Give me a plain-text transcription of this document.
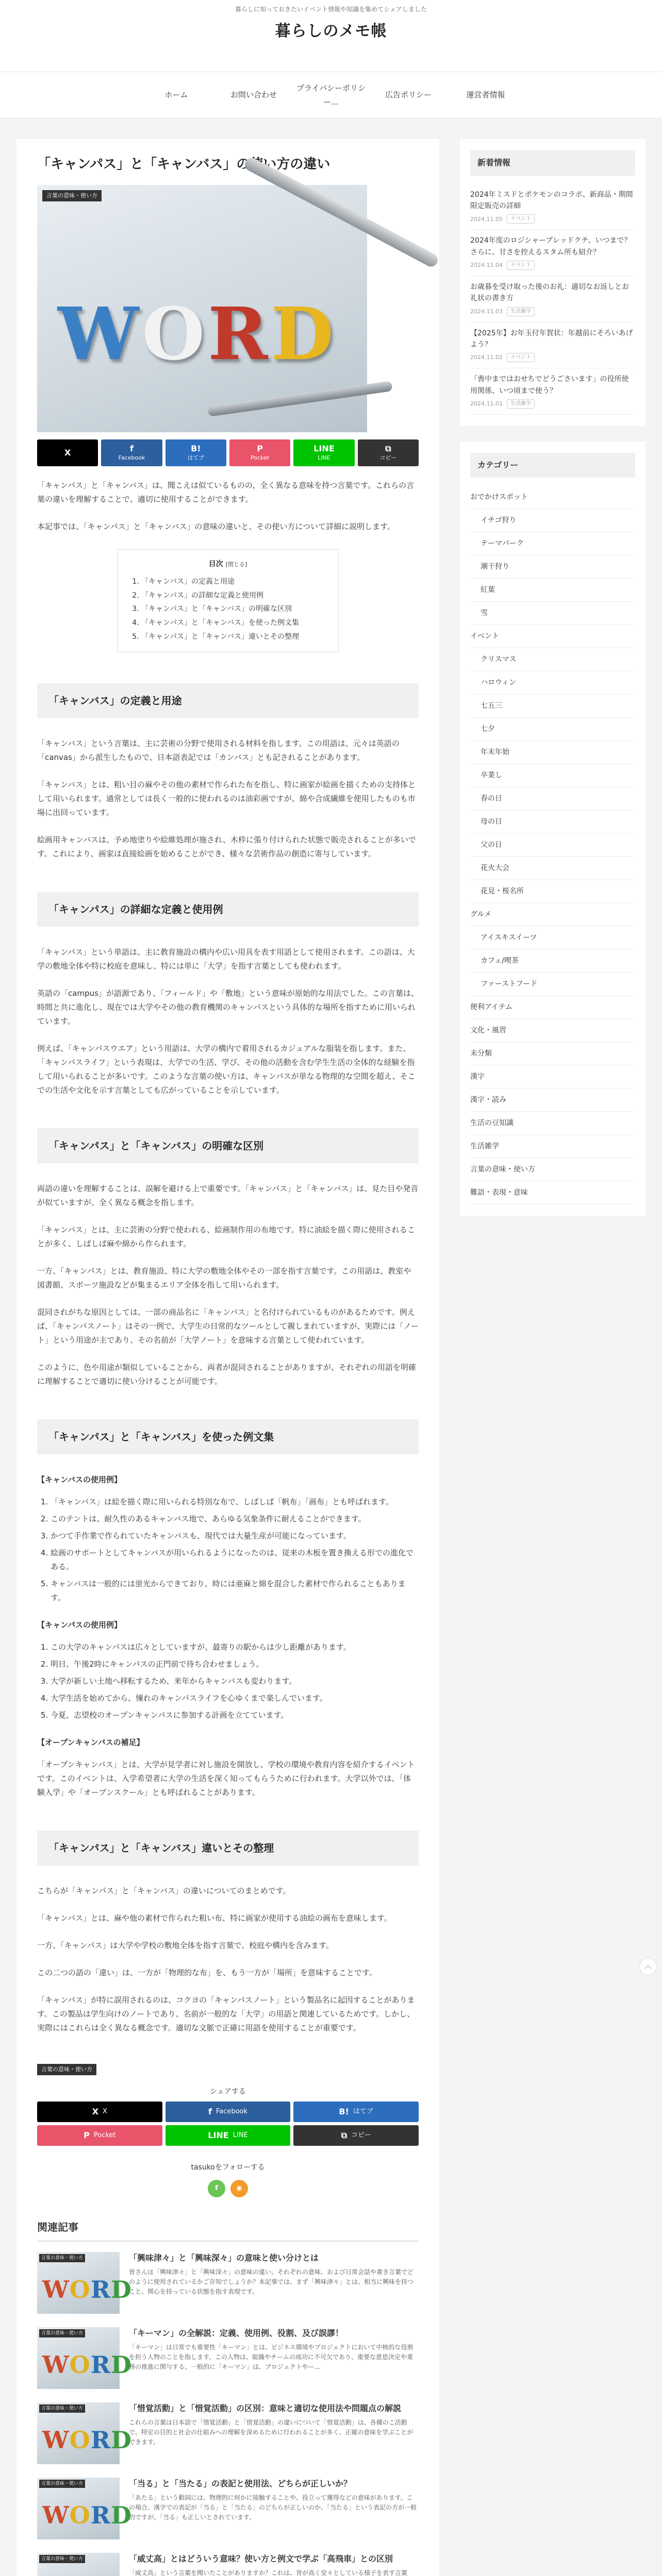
暮らしに知っておきたいイベント情報や知識を集めてシェアしました
暮らしのメモ帳
ホーム	お問い合わせ
プライバシーポリシー...
広告ポリシー	運営者情報
「キャンパス」と「キャンバス」の使い方の違い
言葉の意味・使い方
W O R D
X	f
Facebook
B!
はてブ
P
Pocket
LINE
LINE
⧉
コピー

「キャンパス」と「キャンバス」は、聞こえは似ているものの、全く異なる意味を持つ言葉です。これらの言葉の違いを理解することで、適切に使用することができます。

本記事では、「キャンパス」と「キャンバス」の意味の違いと、その使い方について詳細に説明します。

目次 [閉じる]
1. 「キャンバス」の定義と用途
2. 「キャンパス」の詳細な定義と使用例
3. 「キャンパス」と「キャンバス」の明確な区別
4. 「キャンパス」と「キャンバス」を使った例文集
5. 「キャンパス」と「キャンバス」違いとその整理
「キャンバス」の定義と用途

「キャンバス」という言葉は、主に芸術の分野で使用される材料を指します。この用語は、元々は英語の「canvas」から派生したもので、日本語表記では「カンバス」とも記されることがあります。

「キャンバス」とは、粗い目の麻やその他の素材で作られた布を指し、特に画家が絵画を描くための支持体として用いられます。通常としては長く一般的に使われるのは油彩画ですが、綿や合成繊維を使用したものも市場に出回っています。

絵画用キャンバスは、予め地塗りや絵維処理が施され、木枠に張り付けられた状態で販売されることが多いです。これにより、画家は直接絵画を始めることができ、様々な芸術作品の創造に寄与しています。

「キャンパス」の詳細な定義と使用例

「キャンパス」という単語は、主に教育施設の構内や広い用具を表す用語として使用されます。この語は、大学の敷地全体や特に校庭を意味し、特には単に「大学」を指す言葉としても使われます。

英語の「campus」が語源であり、「フィールド」や「敷地」という意味が原始的な用法でした。この言葉は、時間と共に進化し、現在では大学やその他の教育機関のキャンパスという具体的な場所を指すために用いられています。

例えば、「キャンパスウエア」という用語は、大学の構内で着用されるカジュアルな服装を指します。また、「キャンパスライフ」という表現は、大学での生活、学び、その他の活動を含む学生生活の全体的な経験を指して用いられることが多いです。このような言葉の使い方は、キャンパスが単なる物理的な空間を超え、そこでの生活や文化を示す言葉としても広がっていることを示しています。

「キャンパス」と「キャンバス」の明確な区別

両語の違いを理解することは、誤解を避ける上で重要です。「キャンパス」と「キャンバス」は、見た目や発音が似ていますが、全く異なる概念を指します。

「キャンバス」とは、主に芸術の分野で使われる、絵画制作用の布地です。特に油絵を描く際に使用されることが多く、しばしば麻や綿から作られます。

一方、「キャンパス」とは、教育施設、特に大学の敷地全体やその一部を指す言葉です。この用語は、教室や図書館、スポーツ施設などが集まるエリア全体を指して用いられます。

混同されがちな原因としては、一部の商品名に「キャンパス」と名付けられているものがあるためです。例えば、「キャンパスノート」はその一例で、大学生の日常的なツールとして親しまれていますが、実際には「ノート」という用途が主であり、その名前が「大学ノート」を意味する言葉として使われています。

このように、色や用途が類似していることから、両者が混同されることがありますが、それぞれの用語を明確に理解することで適切に使い分けることが可能です。

「キャンパス」と「キャンバス」を使った例文集
【キャンバスの使用例】
1. 「キャンバス」は絵を描く際に用いられる特別な布で、しばしば「帆布」「画布」とも呼ばれます。
2. このテントは、耐久性のあるキャンバス地で、あらゆる気象条件に耐えることができます。
3. かつて手作業で作られていたキャンバスも、現代では大量生産が可能になっています。
4. 絵画のサポートとしてキャンバスが用いられるようになったのは、従来の木板を置き換える形での進化である。
5. キャンバスは一般的には蛍光からできており、時には亜麻と綿を混合した素材で作られることもあります。
【キャンパスの使用例】
1. この大学のキャンパスは広々としていますが、最寄りの駅からは少し距離があります。
2. 明日、午後2時にキャンパスの正門前で待ち合わせましょう。
3. 大学が新しい土地へ移転するため、来年からキャンパスも変わります。
4. 大学生活を始めてから、憧れのキャンパスライフを心ゆくまで楽しんでいます。
5. 今夏、志望校のオープンキャンパスに参加する計画を立てています。
【オープンキャンパスの補足】

「オープンキャンパス」とは、大学が見学者に対し施設を開放し、学校の環境や教育内容を紹介するイベントです。このイベントは、入学希望者に大学の生活を深く知ってもらうために行われます。大学以外では、「体験入学」や「オープンスクール」とも呼ばれることがあります。

「キャンパス」と「キャンバス」違いとその整理

こちらが「キャンパス」と「キャンバス」の違いについてのまとめです。

「キャンバス」とは、麻や他の素材で作られた粗い布、特に画家が使用する油絵の画布を意味します。

一方、「キャンパス」は大学や学校の敷地全体を指す言葉で、校庭や構内を含みます。

この二つの語の「違い」は、一方が「物理的な布」を、もう一方が「場所」を意味することです。

「キャンパス」が特に誤用されるのは、コクヨの「キャンパスノート」という製品名に起因することがあります。この製品は学生向けのノートであり、名前が一般的な「大学」の用語と関連しているためです。しかし、実際にはこれらは全く異なる概念です。適切な文脈で正確に用語を使用することが重要です。

言葉の意味・使い方
シェアする
X X	f Facebook	B! はてブ
P Pocket	LINE LINE	⧉ コピー
tasukoをフォローする
f	◉
関連記事
言葉の意味・使い方
WORD
「興味津々」と「興味深々」の意味と使い分けとは
皆さんは「興味津々」と「興味深々」の意味の違い、それぞれの意味、および日常会話や書き言葉でどのように使用されているかご存知でしょうか？本記事では、まず「興味津々」とは、相当に興味を持つこと、関心を持っている状態を指す表現です。
言葉の意味・使い方
WORD
「キーマン」の全解説：定義、使用例、役割、及び誤謬！
「キーマン」は日常でも重要性「キーマン」とは、ビジネス環境やプロジェクトにおいて中核的な役割を担う人物のことを指します。この人物は、組織やチームの成功に不可欠であり、重要な意思決定や業務の推進に関与する、一般的に「キーマン」は、プロジェクトやー...
言葉の意味・使い方
WORD
「惜覚活動」と「惜覚活動」の区別：意味と適切な使用法や問題点の解説
これらの言葉は日本語で「惜覚活動」と「惜覚活動」の違いについて「惜覚活動」は、各種のこ活動で、特定の目的と社会の仕組みへの理解を深めるために行われることが多く、正確の意味を学ぶことができます。
言葉の意味・使い方
WORD
「当る」と「当たる」の表記と使用法、どちらが正しいか？
「あたる」という動詞には、物理的に何かに接触することや、役立って獲得などの意味があります。この場合、漢字での表記が「当る」と「当たる」のどちらが正しいのか、「当たる」という表記の方が一般的ですが、「当る」も正しいとされています。
言葉の意味・使い方	「威丈高」とはどういう意味？使い方と例文で学ぶ「高飛車」との区別
「威丈高」という言葉を聞いたことがありますか？これは、背が高く堂々としている様子を表す言葉
新着情報
2024年ミスドとポケモンのコラボ、新商品・期間限定販売の詳細
2024.11.05	イベント
2024年度のロジシャーブレッドクチ、いつまで？さらに、甘さを控えるスタム所も紹介？
2024.11.04	イベント
お歳暮を受け取った後のお礼：適切なお返しとお礼状の書き方
2024.11.03	生活雑学
【2025年】お年玉付年賀状：年越前にそろいあげよう？
2024.11.02	イベント
「喪中まではおせちでどうごさいます」の役所使用関係、いつ頃まで使う？
2024.11.01	生活雑学
カテゴリー
おでかけスポット
イチゴ狩り
テーマパーク
潮干狩り
紅葉
雪
イベント
クリスマス
ハロウィン
七五三
七夕
年末年始
卒業し
春の日
母の日
父の日
花火大会
花見・桜名所
グルメ
アイスキスイーツ
カフェ/喫茶
ファーストフード
便利アイテム
文化・風習
未分類
漢字
漢字・読み
生活の豆知識
生活雑学
言葉の意味・使い方
難語・表現・意味
︿
